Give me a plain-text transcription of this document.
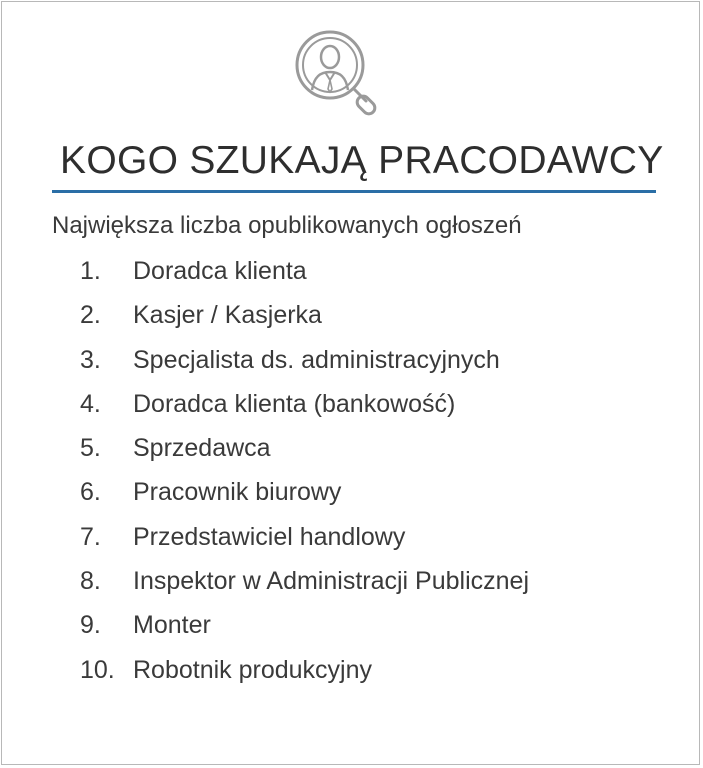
KOGO SZUKAJĄ PRACODAWCY
Największa liczba opublikowanych ogłoszeń
1. Doradca klienta
2. Kasjer / Kasjerka
3. Specjalista ds. administracyjnych
4. Doradca klienta (bankowość)
5. Sprzedawca
6. Pracownik biurowy
7. Przedstawiciel handlowy
8. Inspektor w Administracji Publicznej
9. Monter
10. Robotnik produkcyjny
